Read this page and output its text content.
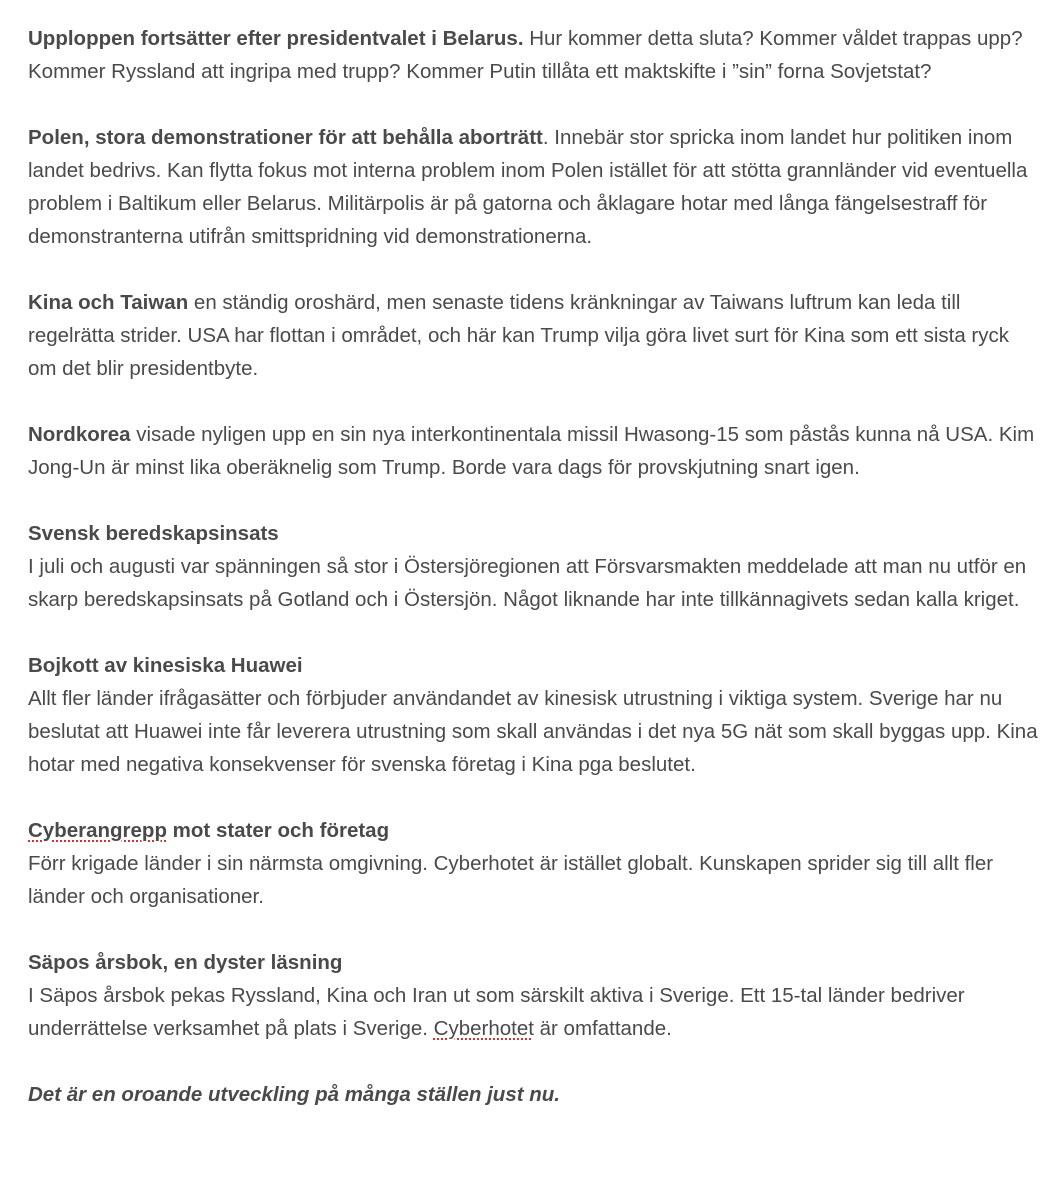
Upploppen fortsätter efter presidentvalet i Belarus. Hur kommer detta sluta? Kommer våldet trappas upp? Kommer Ryssland att ingripa med trupp? Kommer Putin tillåta ett maktskifte i ”sin” forna Sovjetstat?

Polen, stora demonstrationer för att behålla aborträtt. Innebär stor spricka inom landet hur politiken inom landet bedrivs. Kan flytta fokus mot interna problem inom Polen istället för att stötta grannländer vid eventuella problem i Baltikum eller Belarus. Militärpolis är på gatorna och åklagare hotar med långa fängelsestraff för demonstranterna utifrån smittspridning vid demonstrationerna.

Kina och Taiwan en ständig oroshärd, men senaste tidens kränkningar av Taiwans luftrum kan leda till regelrätta strider. USA har flottan i området, och här kan Trump vilja göra livet surt för Kina som ett sista ryck om det blir presidentbyte.

Nordkorea visade nyligen upp en sin nya interkontinentala missil Hwasong-15 som påstås kunna nå USA. Kim Jong-Un är minst lika oberäknelig som Trump. Borde vara dags för provskjutning snart igen.

Svensk beredskapsinsats
I juli och augusti var spänningen så stor i Östersjöregionen att Försvarsmakten meddelade att man nu utför en skarp beredskapsinsats på Gotland och i Östersjön. Något liknande har inte tillkännagivets sedan kalla kriget.

Bojkott av kinesiska Huawei
Allt fler länder ifrågasätter och förbjuder användandet av kinesisk utrustning i viktiga system. Sverige har nu beslutat att Huawei inte får leverera utrustning som skall användas i det nya 5G nät som skall byggas upp. Kina hotar med negativa konsekvenser för svenska företag i Kina pga beslutet.

Cyberangrepp mot stater och företag
Förr krigade länder i sin närmsta omgivning. Cyberhotet är istället globalt. Kunskapen sprider sig till allt fler länder och organisationer.

Säpos årsbok, en dyster läsning
I Säpos årsbok pekas Ryssland, Kina och Iran ut som särskilt aktiva i Sverige. Ett 15-tal länder bedriver underrättelse verksamhet på plats i Sverige. Cyberhotet är omfattande.

Det är en oroande utveckling på många ställen just nu.
